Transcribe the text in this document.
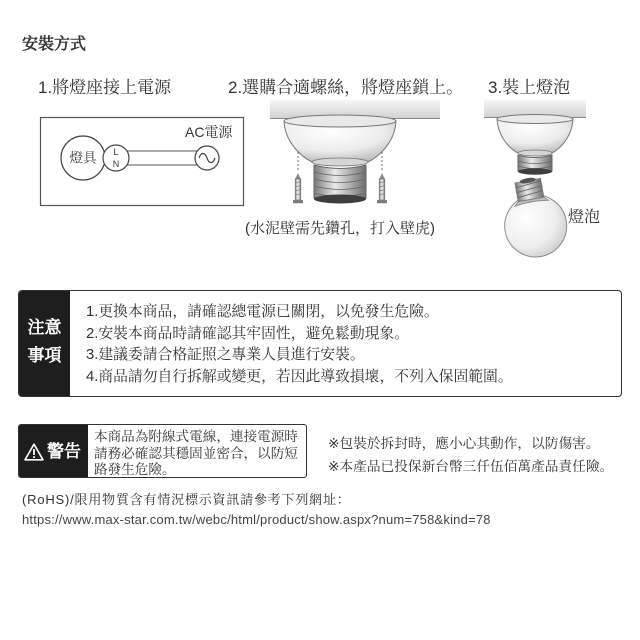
安裝方式
1.將燈座接上電源	2.選購合適螺絲，將燈座鎖上。 3.裝上燈泡
燈具 L
N
AC電源
(水泥壁需先鑽孔，打入壁虎)
燈泡
注意
事項
1.更換本商品，請確認總電源已關閉，以免發生危險。
2.安裝本商品時請確認其牢固性，避免鬆動現象。
3.建議委請合格証照之專業人員進行安裝。
4.商品請勿自行拆解或變更，若因此導致損壞，不列入保固範圍。
警告
本商品為附線式電線，連接電源時
請務必確認其穩固並密合，以防短
路發生危險。
※包裝於拆封時，應小心其動作，以防傷害。
※本產品已投保新台幣三仟伍佰萬產品責任險。
(RoHS)/限用物質含有情況標示資訊請參考下列網址：
https://www.max-star.com.tw/webc/html/product/show.aspx?num=758&kind=78
